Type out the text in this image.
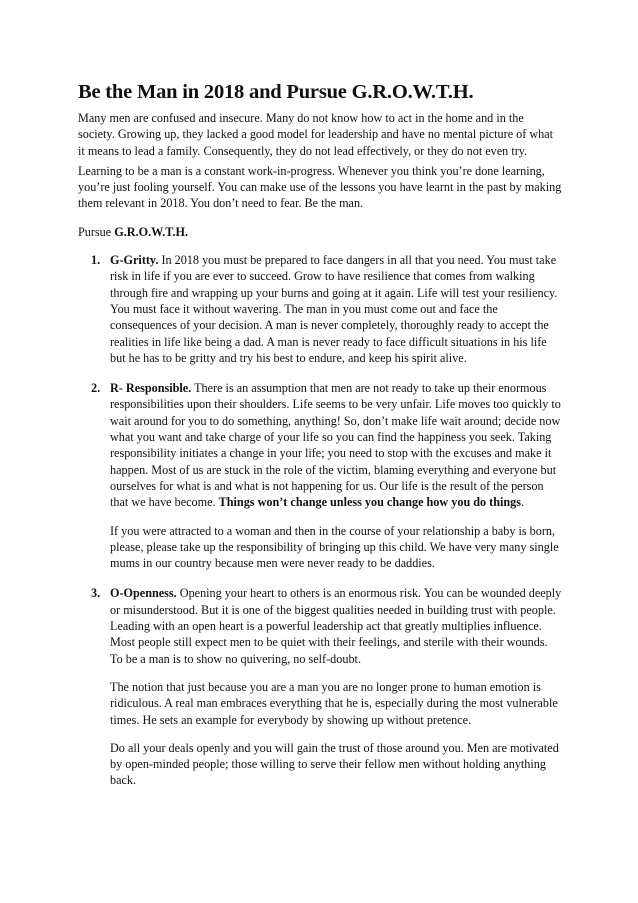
Be the Man in 2018 and Pursue G.R.O.W.T.H.

Many men are confused and insecure. Many do not know how to act in the home and in the society. Growing up, they lacked a good model for leadership and have no mental picture of what it means to lead a family. Consequently, they do not lead effectively, or they do not even try.

Learning to be a man is a constant work-in-progress. Whenever you think you’re done learning, you’re just fooling yourself. You can make use of the lessons you have learnt in the past by making them relevant in 2018. You don’t need to fear. Be the man.

Pursue G.R.O.W.T.H.

1. G-Gritty. In 2018 you must be prepared to face dangers in all that you need. You must take risk in life if you are ever to succeed. Grow to have resilience that comes from walking through fire and wrapping up your burns and going at it again. Life will test your resiliency. You must face it without wavering. The man in you must come out and face the consequences of your decision. A man is never completely, thoroughly ready to accept the realities in life like being a dad. A man is never ready to face difficult situations in his life but he has to be gritty and try his best to endure, and keep his spirit alive.

2. R- Responsible. There is an assumption that men are not ready to take up their enormous responsibilities upon their shoulders. Life seems to be very unfair. Life moves too quickly to wait around for you to do something, anything! So, don’t make life wait around; decide now what you want and take charge of your life so you can find the happiness you seek. Taking responsibility initiates a change in your life; you need to stop with the excuses and make it happen. Most of us are stuck in the role of the victim, blaming everything and everyone but ourselves for what is and what is not happening for us. Our life is the result of the person that we have become. Things won’t change unless you change how you do things.

If you were attracted to a woman and then in the course of your relationship a baby is born, please, please take up the responsibility of bringing up this child. We have very many single mums in our country because men were never ready to be daddies.

3. O-Openness. Opening your heart to others is an enormous risk. You can be wounded deeply or misunderstood. But it is one of the biggest qualities needed in building trust with people. Leading with an open heart is a powerful leadership act that greatly multiplies influence. Most people still expect men to be quiet with their feelings, and sterile with their wounds. To be a man is to show no quivering, no self-doubt.

The notion that just because you are a man you are no longer prone to human emotion is ridiculous. A real man embraces everything that he is, especially during the most vulnerable times. He sets an example for everybody by showing up without pretence.

Do all your deals openly and you will gain the trust of those around you. Men are motivated by open-minded people; those willing to serve their fellow men without holding anything back.
